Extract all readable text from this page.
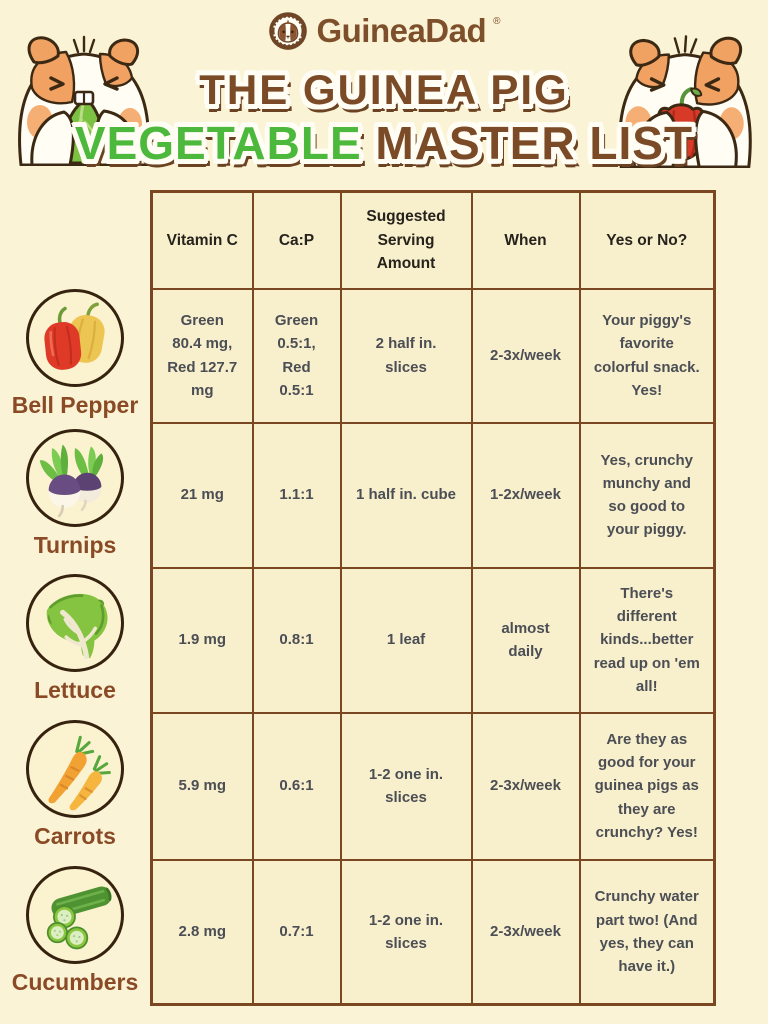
GuineaDad ®
THE GUINEA PIG
VEGETABLE MASTER LIST
Vitamin C	Ca:P	Suggested Serving Amount	When	Yes or No?
Green 80.4 mg, Red 127.7 mg	Green 0.5:1, Red 0.5:1	2 half in. slices	2-3x/week	Your piggy's favorite colorful snack. Yes!
21 mg	1.1:1	1 half in. cube	1-2x/week	Yes, crunchy munchy and so good to your piggy.
1.9 mg	0.8:1	1 leaf	almost daily	There's different kinds...better read up on 'em all!
5.9 mg	0.6:1	1-2 one in. slices	2-3x/week	Are they as good for your guinea pigs as they are crunchy? Yes!
2.8 mg	0.7:1	1-2 one in. slices	2-3x/week	Crunchy water part two! (And yes, they can have it.)
Bell Pepper
Turnips
Lettuce
Carrots
Cucumbers
